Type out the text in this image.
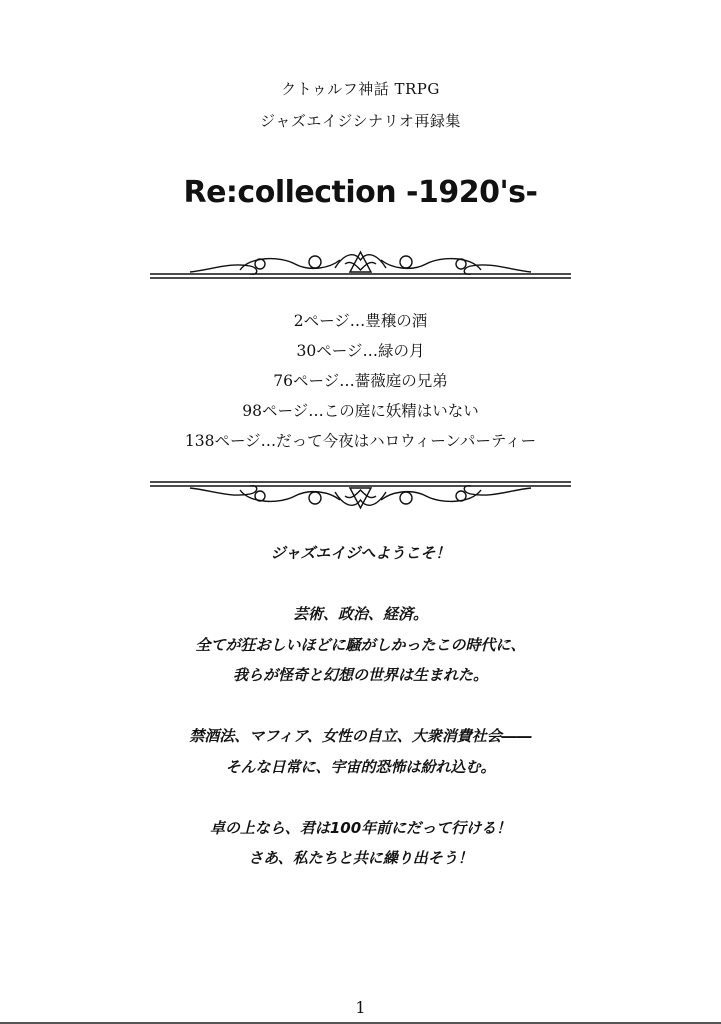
クトゥルフ神話 TRPG
ジャズエイジシナリオ再録集
Re:collection -1920's-
2ページ…豊穣の酒
30ページ…緑の月
76ページ…薔薇庭の兄弟
98ページ…この庭に妖精はいない
138ページ…だって今夜はハロウィーンパーティー

ジャズエイジへようこそ！

芸術、政治、経済。

全てが狂おしいほどに騒がしかったこの時代に、

我らが怪奇と幻想の世界は生まれた。

禁酒法、マフィア、女性の自立、大衆消費社会――

そんな日常に、宇宙的恐怖は紛れ込む。

卓の上なら、君は100年前にだって行ける！

さあ、私たちと共に繰り出そう！

1
